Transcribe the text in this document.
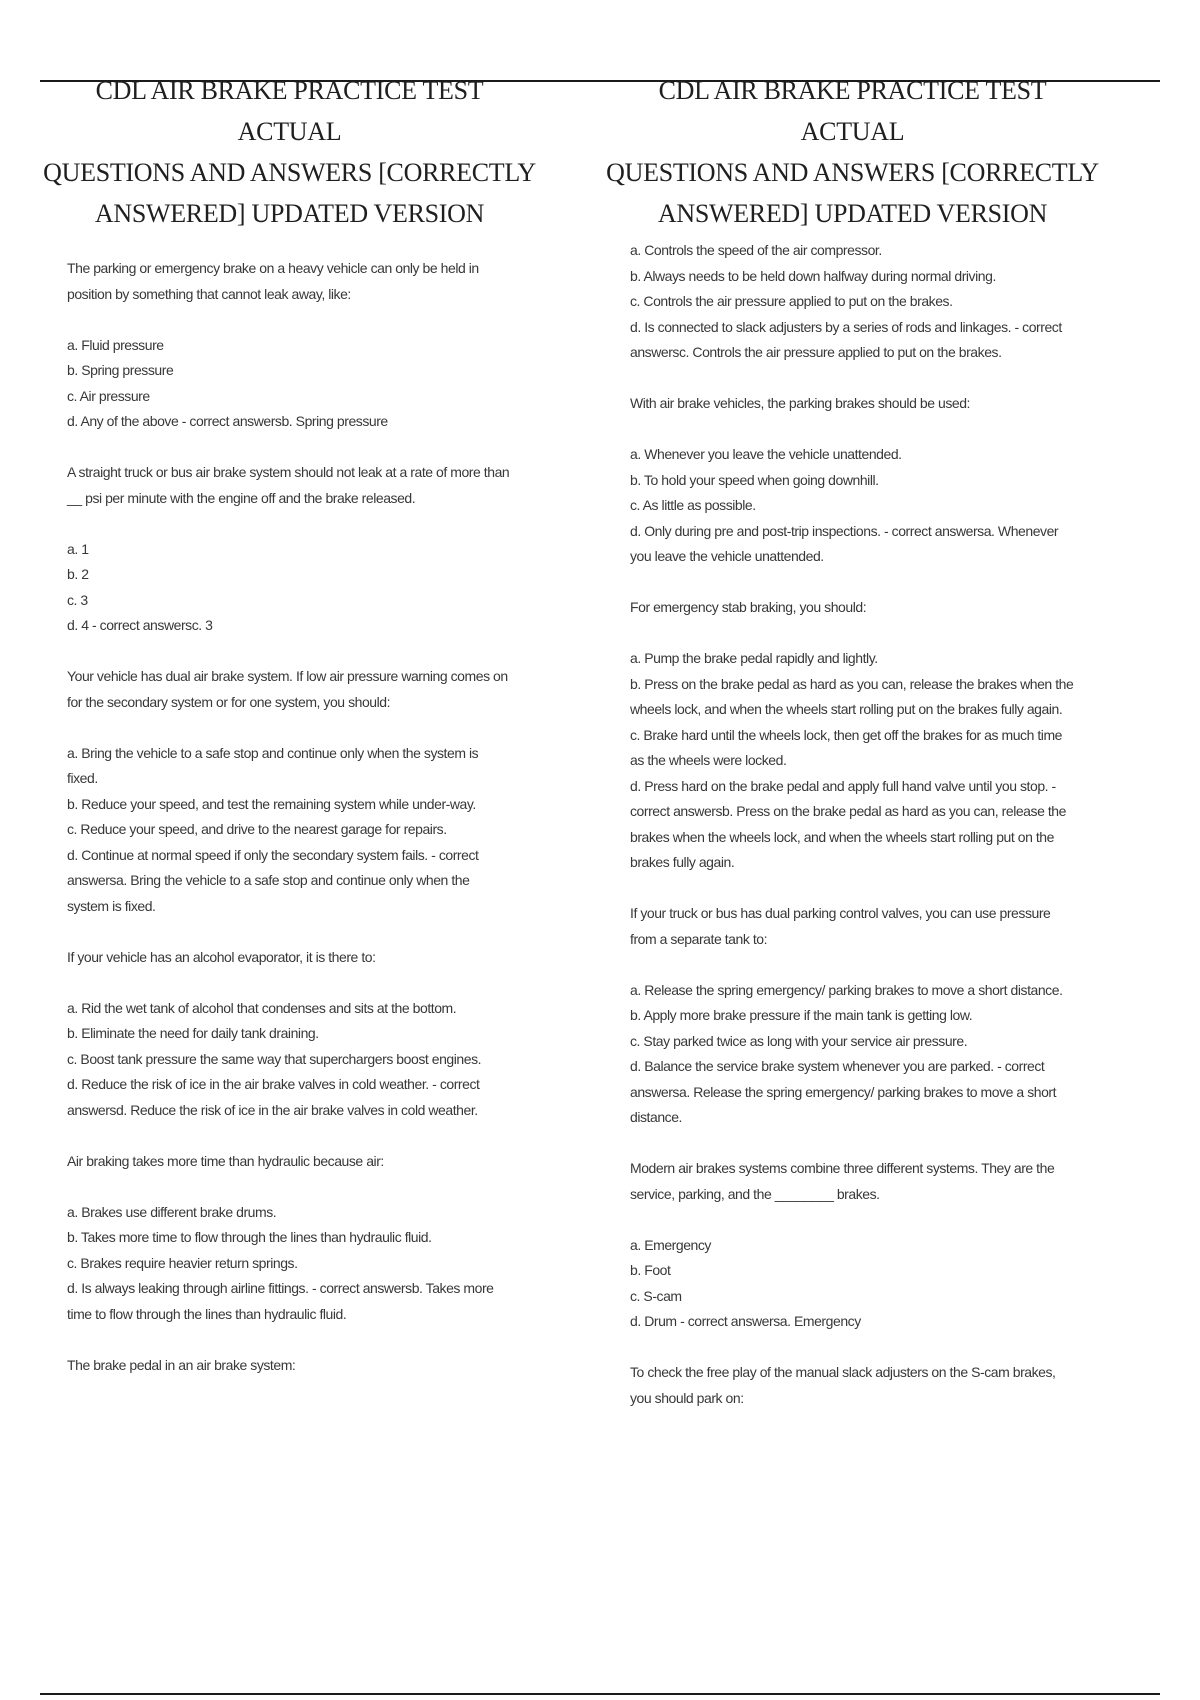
CDL AIR BRAKE PRACTICE TEST ACTUAL
QUESTIONS AND ANSWERS [CORRECTLY
ANSWERED] UPDATED VERSION

The parking or emergency brake on a heavy vehicle can only be held in position by something that cannot leak away, like:

a. Fluid pressure

b. Spring pressure

c. Air pressure

d. Any of the above - correct answersb. Spring pressure

A straight truck or bus air brake system should not leak at a rate of more than __ psi per minute with the engine off and the brake released.

a. 1

b. 2

c. 3

d. 4 - correct answersc. 3

Your vehicle has dual air brake system. If low air pressure warning comes on for the secondary system or for one system, you should:

a. Bring the vehicle to a safe stop and continue only when the system is fixed.

b. Reduce your speed, and test the remaining system while under-way.

c. Reduce your speed, and drive to the nearest garage for repairs.

d. Continue at normal speed if only the secondary system fails. - correct answersa. Bring the vehicle to a safe stop and continue only when the system is fixed.

If your vehicle has an alcohol evaporator, it is there to:

a. Rid the wet tank of alcohol that condenses and sits at the bottom.

b. Eliminate the need for daily tank draining.

c. Boost tank pressure the same way that superchargers boost engines.

d. Reduce the risk of ice in the air brake valves in cold weather. - correct answersd. Reduce the risk of ice in the air brake valves in cold weather.

Air braking takes more time than hydraulic because air:

a. Brakes use different brake drums.

b. Takes more time to flow through the lines than hydraulic fluid.

c. Brakes require heavier return springs.

d. Is always leaking through airline fittings. - correct answersb. Takes more time to flow through the lines than hydraulic fluid.

The brake pedal in an air brake system:

CDL AIR BRAKE PRACTICE TEST ACTUAL
QUESTIONS AND ANSWERS [CORRECTLY
ANSWERED] UPDATED VERSION

a. Controls the speed of the air compressor.

b. Always needs to be held down halfway during normal driving.

c. Controls the air pressure applied to put on the brakes.

d. Is connected to slack adjusters by a series of rods and linkages. - correct answersc. Controls the air pressure applied to put on the brakes.

With air brake vehicles, the parking brakes should be used:

a. Whenever you leave the vehicle unattended.

b. To hold your speed when going downhill.

c. As little as possible.

d. Only during pre and post-trip inspections. - correct answersa. Whenever you leave the vehicle unattended.

For emergency stab braking, you should:

a. Pump the brake pedal rapidly and lightly.

b. Press on the brake pedal as hard as you can, release the brakes when the wheels lock, and when the wheels start rolling put on the brakes fully again.

c. Brake hard until the wheels lock, then get off the brakes for as much time as the wheels were locked.

d. Press hard on the brake pedal and apply full hand valve until you stop. - correct answersb. Press on the brake pedal as hard as you can, release the brakes when the wheels lock, and when the wheels start rolling put on the brakes fully again.

If your truck or bus has dual parking control valves, you can use pressure from a separate tank to:

a. Release the spring emergency/ parking brakes to move a short distance.

b. Apply more brake pressure if the main tank is getting low.

c. Stay parked twice as long with your service air pressure.

d. Balance the service brake system whenever you are parked. - correct answersa. Release the spring emergency/ parking brakes to move a short distance.

Modern air brakes systems combine three different systems. They are the service, parking, and the ________ brakes.

a. Emergency

b. Foot

c. S-cam

d. Drum - correct answersa. Emergency

To check the free play of the manual slack adjusters on the S-cam brakes, you should park on:
